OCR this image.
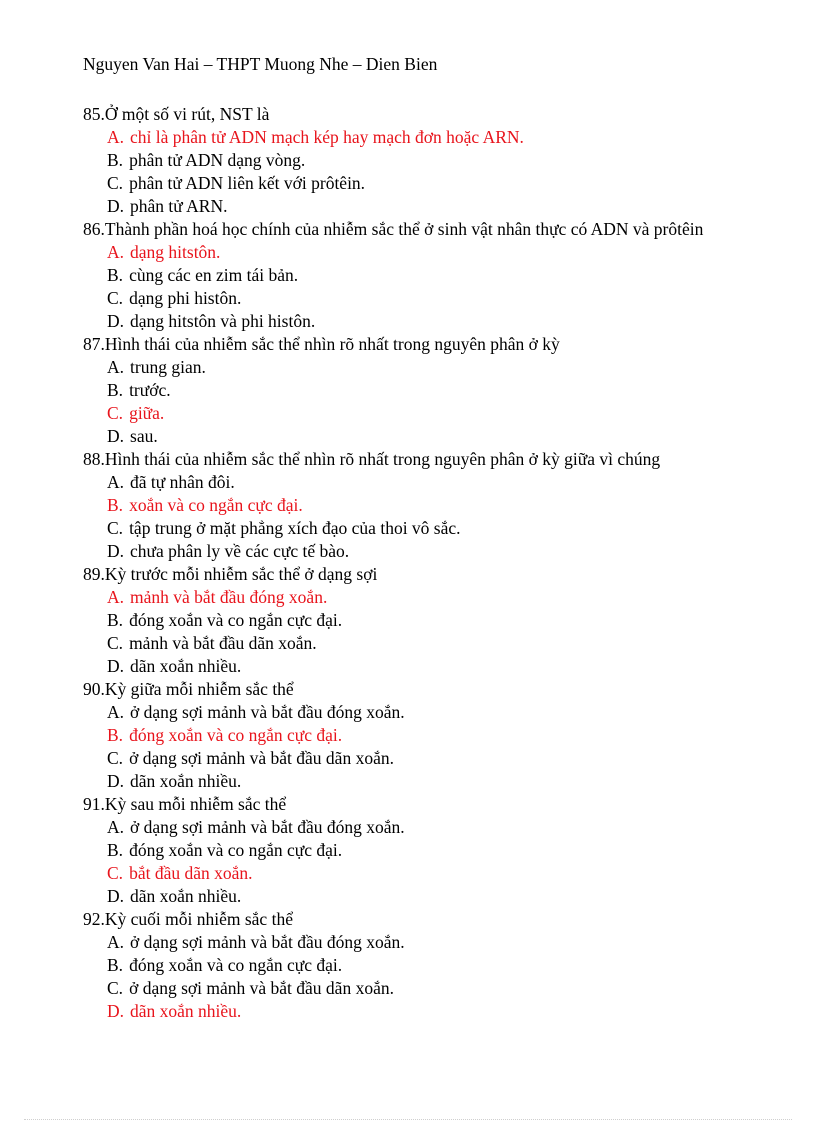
Nguyen Van Hai – THPT Muong Nhe – Dien Bien
85.Ở một số vi rút, NST là
A. chỉ là phân tử ADN mạch kép hay mạch đơn hoặc ARN.
B. phân tử ADN dạng vòng.
C. phân tử ADN liên kết với prôtêin.
D. phân tử ARN.
86.Thành phần hoá học chính của nhiễm sắc thể ở sinh vật nhân thực có ADN và prôtêin
A. dạng hitstôn.
B. cùng các en zim tái bản.
C. dạng phi histôn.
D. dạng hitstôn và phi histôn.
87.Hình thái của nhiễm sắc thể nhìn rõ nhất trong nguyên phân ở kỳ
A. trung gian.
B. trước.
C. giữa.
D. sau.
88.Hình thái của nhiễm sắc thể nhìn rõ nhất trong nguyên phân ở kỳ giữa vì chúng
A. đã tự nhân đôi.
B. xoắn và co ngắn cực đại.
C. tập trung ở mặt phẳng xích đạo của thoi vô sắc.
D. chưa phân ly về các cực tế bào.
89.Kỳ trước mỗi nhiễm sắc thể ở dạng sợi
A. mảnh và bắt đầu đóng xoắn.
B. đóng xoắn và co ngắn cực đại.
C. mảnh và bắt đầu dãn xoắn.
D. dãn xoắn nhiều.
90.Kỳ giữa mỗi nhiễm sắc thể
A. ở dạng sợi mảnh và bắt đầu đóng xoắn.
B. đóng xoắn và co ngắn cực đại.
C. ở dạng sợi mảnh và bắt đầu dãn xoắn.
D. dãn xoắn nhiều.
91.Kỳ sau mỗi nhiễm sắc thể
A. ở dạng sợi mảnh và bắt đầu đóng xoắn.
B. đóng xoắn và co ngắn cực đại.
C. bắt đầu dãn xoắn.
D. dãn xoắn nhiều.
92.Kỳ cuối mỗi nhiễm sắc thể
A. ở dạng sợi mảnh và bắt đầu đóng xoắn.
B. đóng xoắn và co ngắn cực đại.
C. ở dạng sợi mảnh và bắt đầu dãn xoắn.
D. dãn xoắn nhiều.
